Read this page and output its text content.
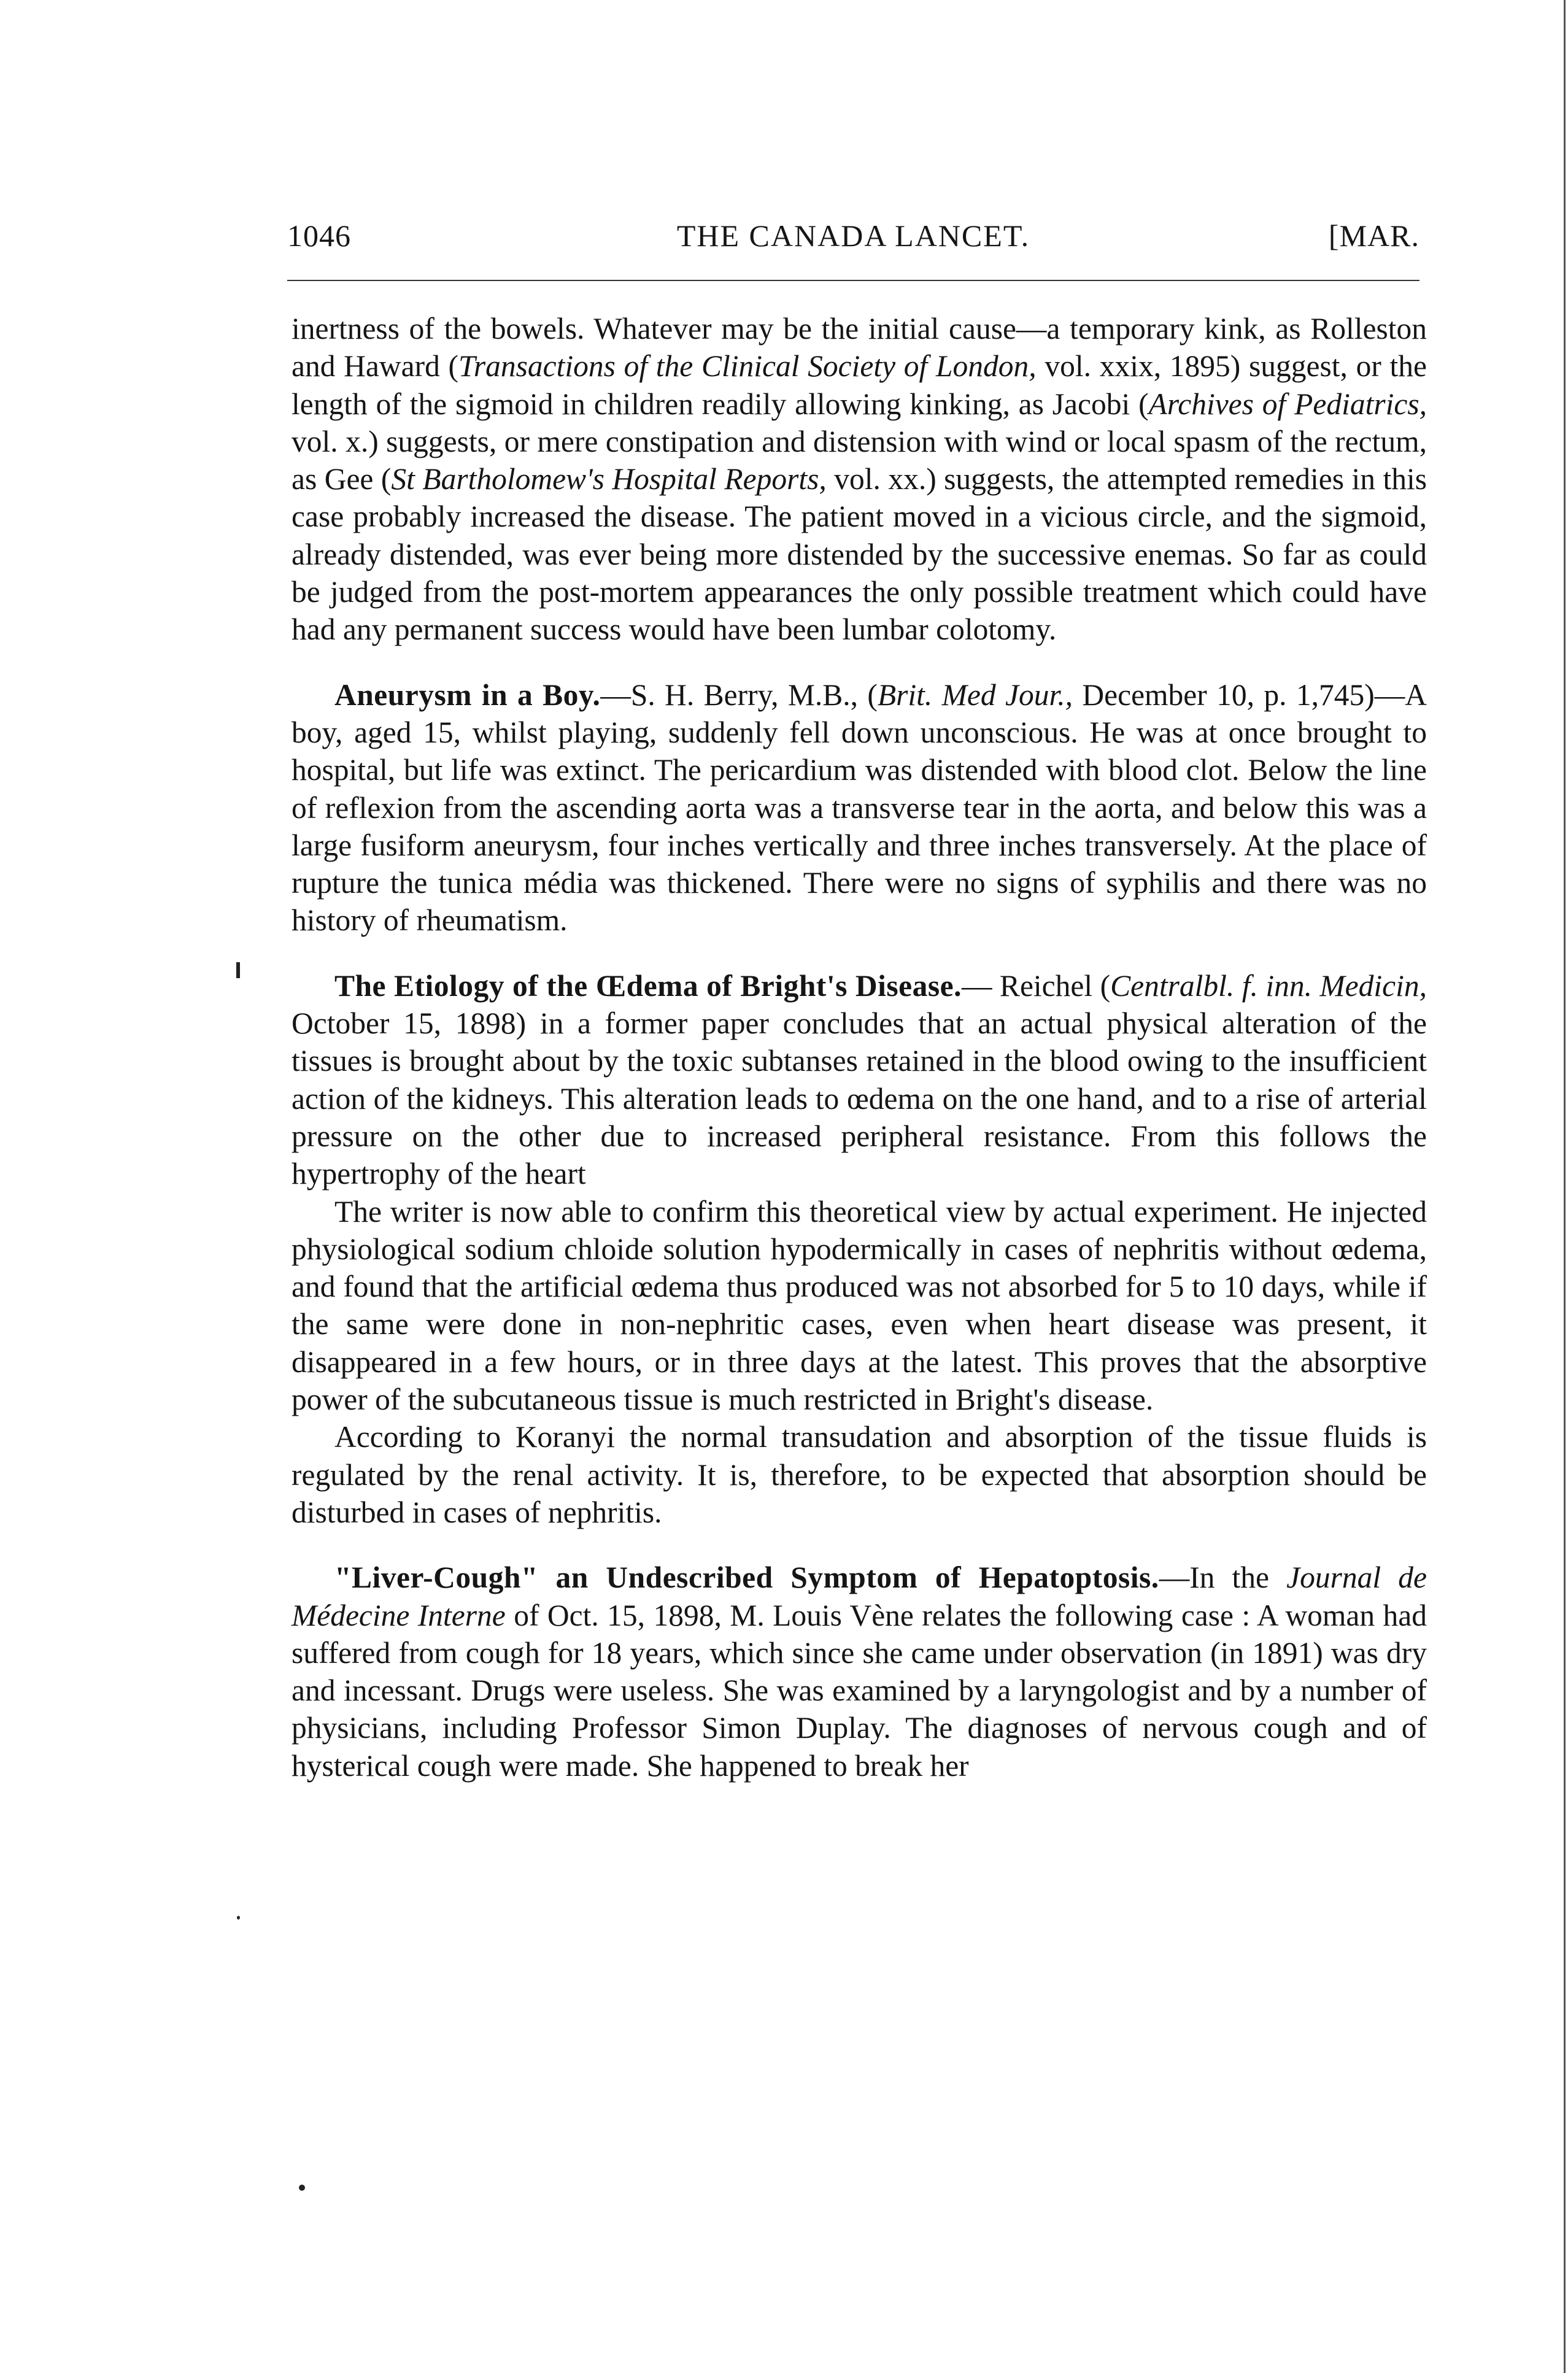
1046	THE CANADA LANCET.	[MAR.

inertness of the bowels. Whatever may be the initial cause—a temporary kink, as Rolleston and Haward (Transactions of the Clinical Society of London, vol. xxix, 1895) suggest, or the length of the sigmoid in children readily allowing kinking, as Jacobi (Archives of Pediatrics, vol. x.) suggests, or mere constipation and distension with wind or local spasm of the rectum, as Gee (St Bartholomew's Hospital Reports, vol. xx.) suggests, the attempted remedies in this case probably increased the disease. The patient moved in a vicious circle, and the sigmoid, already distended, was ever being more distended by the successive enemas. So far as could be judged from the post-mortem appearances the only possible treatment which could have had any permanent success would have been lumbar colotomy.

Aneurysm in a Boy.—S. H. Berry, M.B., (Brit. Med Jour., December 10, p. 1,745)—A boy, aged 15, whilst playing, suddenly fell down unconscious. He was at once brought to hospital, but life was extinct. The pericardium was distended with blood clot. Below the line of reflexion from the ascending aorta was a transverse tear in the aorta, and below this was a large fusiform aneurysm, four inches vertically and three inches transversely. At the place of rupture the tunica média was thickened. There were no signs of syphilis and there was no history of rheumatism.

The Etiology of the Œdema of Bright's Disease.— Reichel (Centralbl. f. inn. Medicin, October 15, 1898) in a former paper concludes that an actual physical alteration of the tissues is brought about by the toxic subtanses retained in the blood owing to the insufficient action of the kidneys. This alteration leads to œdema on the one hand, and to a rise of arterial pressure on the other due to increased peripheral resistance. From this follows the hypertrophy of the heart

The writer is now able to confirm this theoretical view by actual experiment. He injected physiological sodium chloide solution hypodermically in cases of nephritis without œdema, and found that the artificial œdema thus produced was not absorbed for 5 to 10 days, while if the same were done in non-nephritic cases, even when heart disease was present, it disappeared in a few hours, or in three days at the latest. This proves that the absorptive power of the subcutaneous tissue is much restricted in Bright's disease.

According to Koranyi the normal transudation and absorption of the tissue fluids is regulated by the renal activity. It is, therefore, to be expected that absorption should be disturbed in cases of nephritis.

"Liver-Cough" an Undescribed Symptom of Hepatoptosis.—In the Journal de Médecine Interne of Oct. 15, 1898, M. Louis Vène relates the following case : A woman had suffered from cough for 18 years, which since she came under observation (in 1891) was dry and incessant. Drugs were useless. She was examined by a laryngologist and by a number of physicians, including Professor Simon Duplay. The diagnoses of nervous cough and of hysterical cough were made. She happened to break her
